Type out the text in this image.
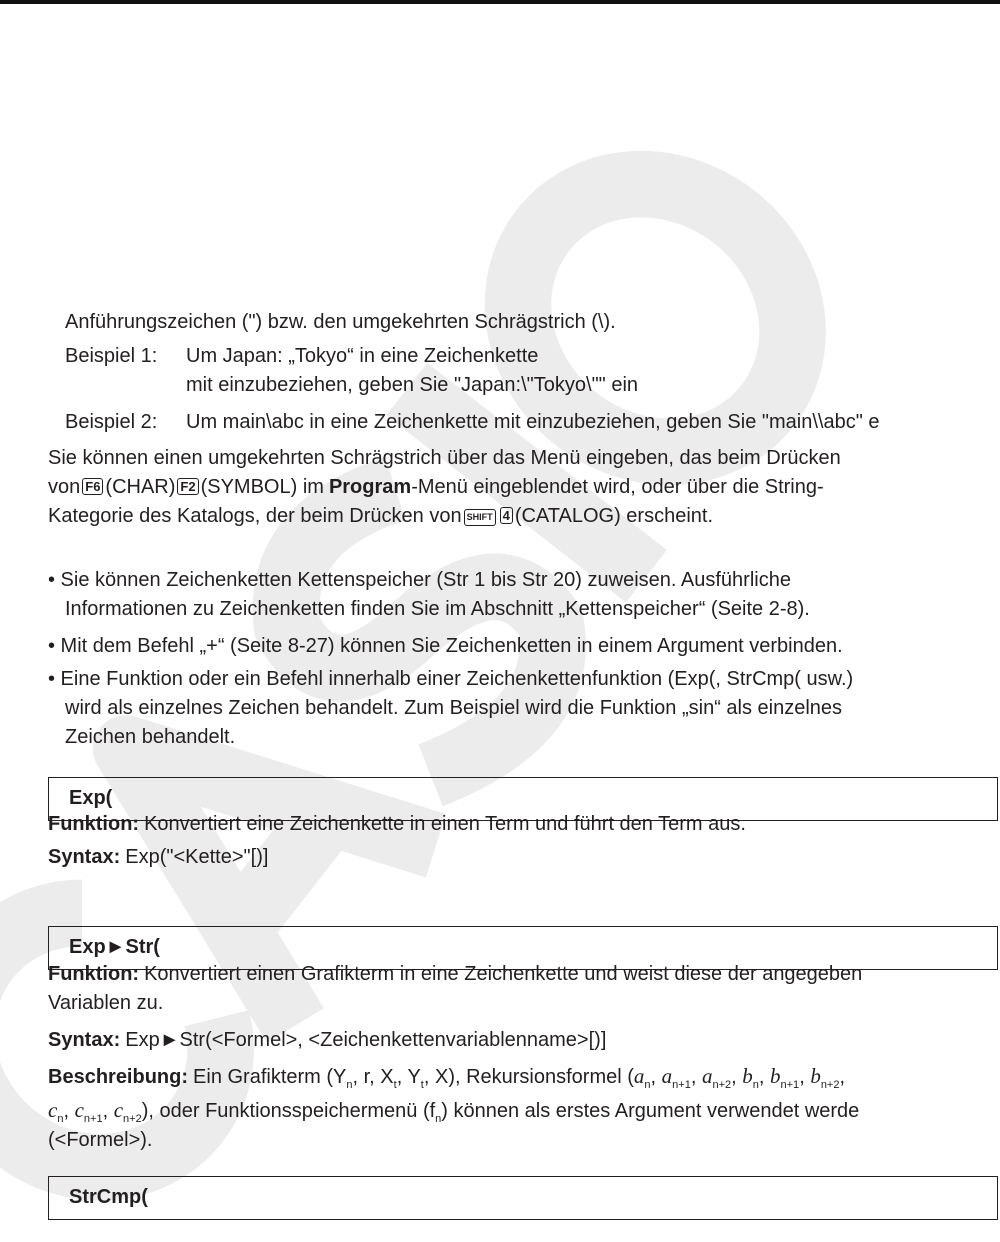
Anführungszeichen (") bzw. den umgekehrten Schrägstrich (\).
Beispiel 1: Um Japan: „Tokyo“ in eine Zeichenkette
mit einzubeziehen, geben Sie "Japan:\"Tokyo\"" ein
Beispiel 2: Um main\abc in eine Zeichenkette mit einzubeziehen, geben Sie "main\\abc" e
Sie können einen umgekehrten Schrägstrich über das Menü eingeben, das beim Drücken
von F6 (CHAR) F2 (SYMBOL) im Program-Menü eingeblendet wird, oder über die String-
Kategorie des Katalogs, der beim Drücken von SHIFT 4 (CATALOG) erscheint.
• Sie können Zeichenketten Kettenspeicher (Str 1 bis Str 20) zuweisen. Ausführliche
Informationen zu Zeichenketten finden Sie im Abschnitt „Kettenspeicher“ (Seite 2-8).
• Mit dem Befehl „+“ (Seite 8-27) können Sie Zeichenketten in einem Argument verbinden.
• Eine Funktion oder ein Befehl innerhalb einer Zeichenkettenfunktion (Exp(, StrCmp( usw.)
wird als einzelnes Zeichen behandelt. Zum Beispiel wird die Funktion „sin“ als einzelnes
Zeichen behandelt.
Exp(
Funktion: Konvertiert eine Zeichenkette in einen Term und führt den Term aus.
Syntax: Exp("<Kette>"[)]
Exp►Str(
Funktion: Konvertiert einen Grafikterm in eine Zeichenkette und weist diese der angegeben
Variablen zu.
Syntax: Exp►Str(<Formel>, <Zeichenkettenvariablenname>[)]
Beschreibung: Ein Grafikterm ($Y_n$, r, $X_t$, $Y_t$, X), Rekursionsformel ($a_n$, $a_{n+1}$, $a_{n+2}$, $b_n$, $b_{n+1}$, $b_{n+2}$,
$c_n$, $c_{n+1}$, $c_{n+2}$), oder Funktionsspeichermenü $(f_n)$ können als erstes Argument verwendet werde
(<Formel>).
StrCmp(
